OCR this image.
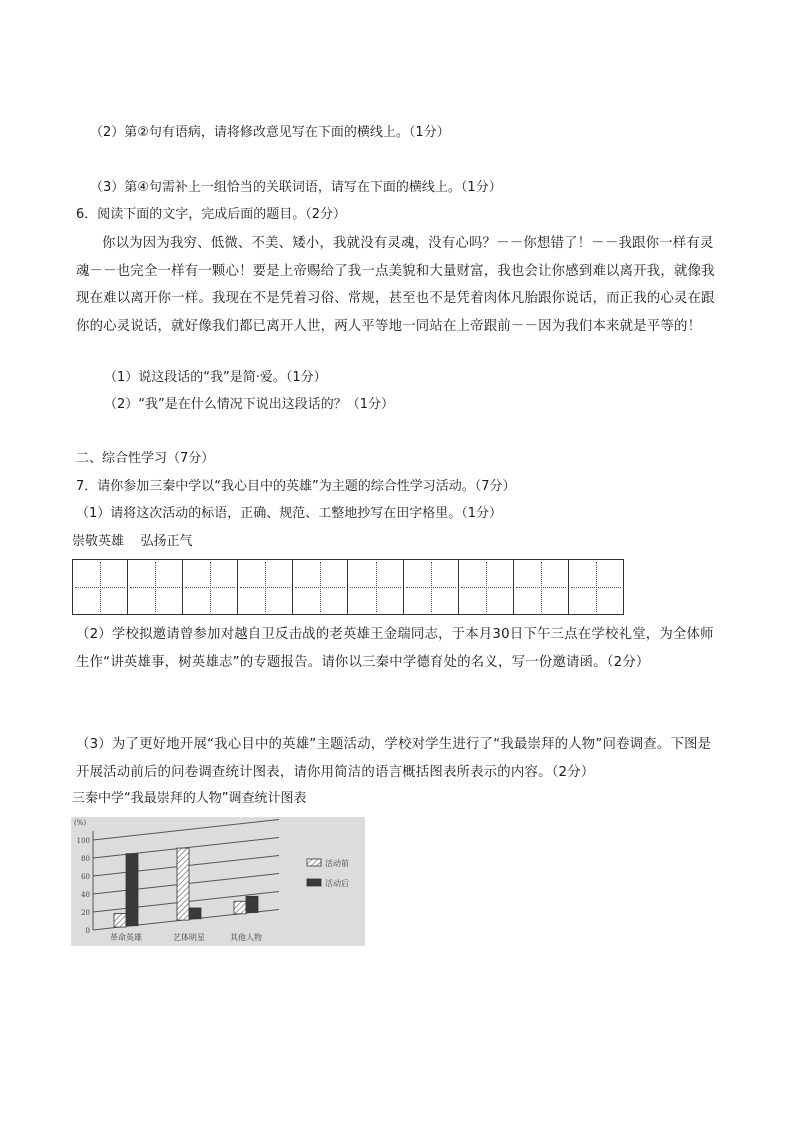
（2）第②句有语病，请将修改意见写在下面的横线上。（1分）
（3）第④句需补上一组恰当的关联词语，请写在下面的横线上。（1分）
6．阅读下面的文字，完成后面的题目。（2分）
你以为因为我穷、低微、不美、矮小，我就没有灵魂，没有心吗？－－你想错了！－－我跟你一样有灵魂－－也完全一样有一颗心！要是上帝赐给了我一点美貌和大量财富，我也会让你感到难以离开我，就像我现在难以离开你一样。我现在不是凭着习俗、常规，甚至也不是凭着肉体凡胎跟你说话，而正我的心灵在跟你的心灵说话，就好像我们都已离开人世，两人平等地一同站在上帝跟前－－因为我们本来就是平等的！
（1）说这段话的“我”是简·爱。（1分）
（2）“我”是在什么情况下说出这段话的？（1分）
二、综合性学习（7分）
7．请你参加三秦中学以“我心目中的英雄”为主题的综合性学习活动。（7分）
（1）请将这次活动的标语，正确、规范、工整地抄写在田字格里。（1分）
崇敬英雄    弘扬正气
（2）学校拟邀请曾参加对越自卫反击战的老英雄王金瑞同志，于本月30日下午三点在学校礼堂，为全体师生作“讲英雄事，树英雄志”的专题报告。请你以三秦中学德育处的名义，写一份邀请函。（2分）
（3）为了更好地开展“我心目中的英雄”主题活动，学校对学生进行了“我最崇拜的人物”问卷调查。下图是开展活动前后的问卷调查统计图表，请你用简洁的语言概括图表所表示的内容。（2分）
三秦中学“我最崇拜的人物”调查统计图表
0
20
40
60
80
100
(%)
革命英雄	艺体明星	其他人物
活动前
活动后
